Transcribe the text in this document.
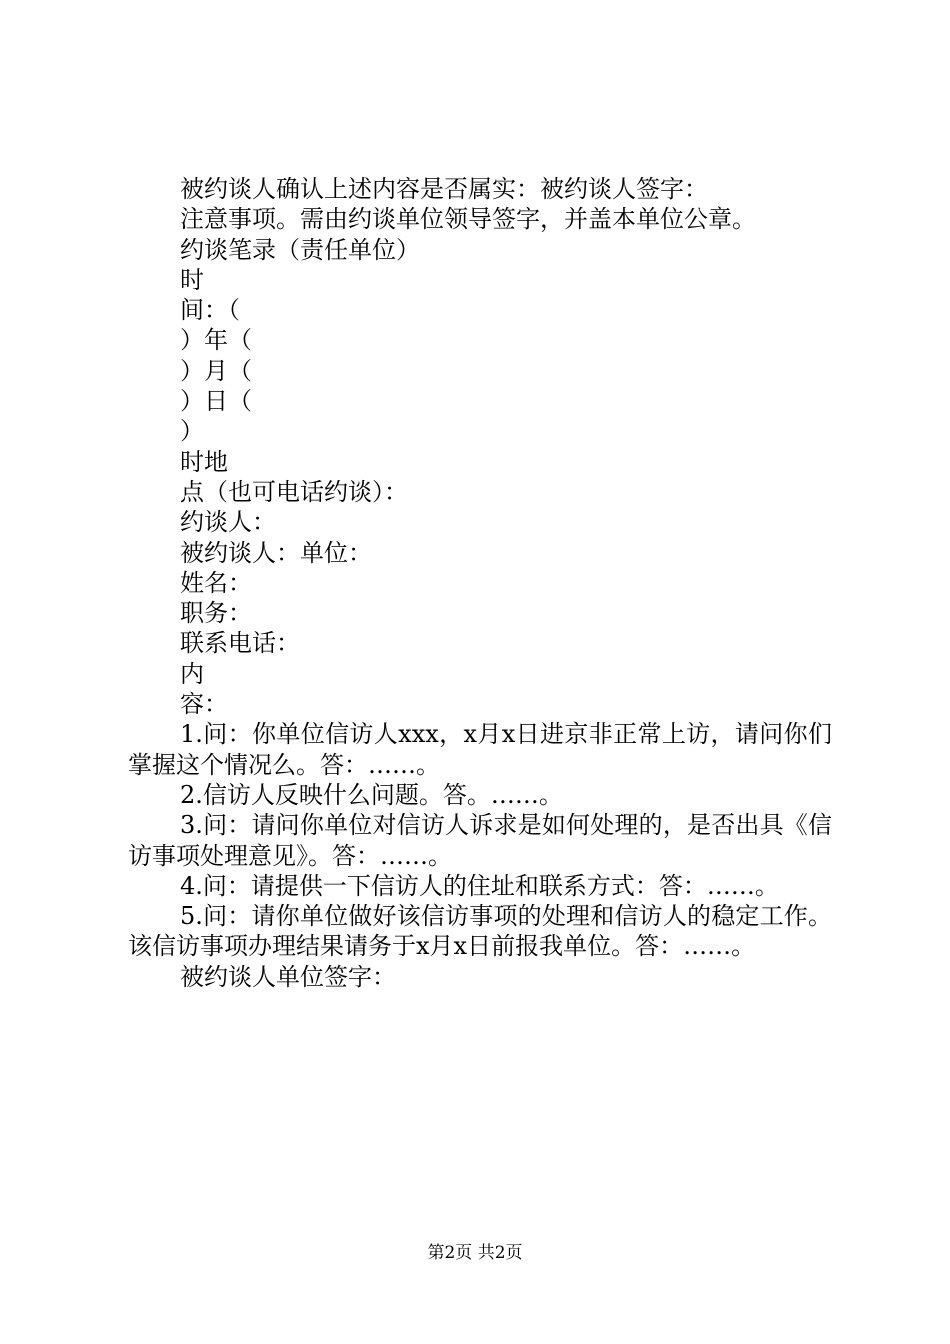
被约谈人确认上述内容是否属实：被约谈人签字：
注意事项。需由约谈单位领导签字，并盖本单位公章。
约谈笔录（责任单位）
时
间：（
）年（
）月（
）日（
）
时地
点（也可电话约谈）：
约谈人：
被约谈人：单位：
姓名：
职务：
联系电话：
内
容：

1.问：你单位信访人xxx，x月x日进京非正常上访，请问你们掌握这个情况么。答：……。

2.信访人反映什么问题。答。……。

3.问：请问你单位对信访人诉求是如何处理的，是否出具《信访事项处理意见》。答：……。

4.问：请提供一下信访人的住址和联系方式：答：……。

5.问：请你单位做好该信访事项的处理和信访人的稳定工作。该信访事项办理结果请务于x月x日前报我单位。答：……。

被约谈人单位签字：
第2页 共2页
